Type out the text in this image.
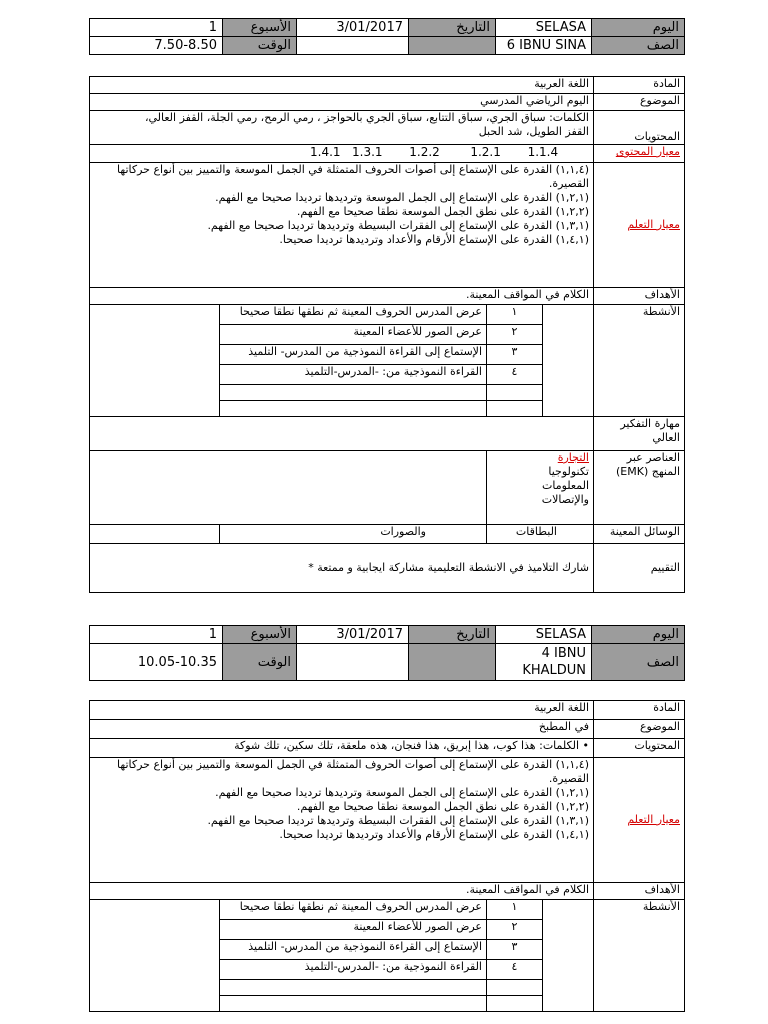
1	الأسبوع	3/01/2017	التاريخ	SELASA	اليوم
7.50-8.50	الوقت			6 IBNU SINA	الصف
اللغة العربية				المادة
اليوم الرياضي المدرسي				الموضوع

الكلمات: سباق الجري، سباق التتابع، سباق الجري بالحواجز ، رمي الرمح، رمي الجلة، القفز العالي،
القفز الطويل، شد الحبل				المحتويات
1.4.1 1.3.1 1.2.2 1.2.1 1.1.4				معيار المحتوى

(١,١,٤) القدرة على الإستماع إلى أصوات الحروف المتمثلة في الجمل الموسعة والتمييز بين أنواع حركاتها القصيرة.
(١,٢,١) القدرة على الإستماع إلى الجمل الموسعة وترديدها ترديدا صحيحا مع الفهم.
(١,٢,٢) القدرة على نطق الجمل الموسعة نطقا صحيحا مع الفهم.
(١,٣,١) القدرة على الإستماع إلى الفقرات البسيطة وترديدها ترديدا صحيحا مع الفهم.
(١,٤,١) القدرة على الإستماع الأرقام والأعداد وترديدها ترديدا صحيحا.				معيار التعلم
الكلام في المواقف المعينة.				الأهداف
	عرض المدرس الحروف المعينة ثم نطقها نطقا صحيحا	١		الأنشطة
	عرض الصور للأعضاء المعينة	٢		
	الإستماع إلى القراءة النموذجية من المدرس- التلميذ	٣		
	القراءة النموذجية من: -المدرس-التلميذ	٤		

				مهارة التفكير العالي

		التجارة
تكنولوجيا المعلومات والإتصالات		العناصر عبر المنهج (EMK)
	والصورات	البطاقات		الوسائل المعينة
شارك التلاميذ في الانشطة التعليمية مشاركة ايجابية و ممتعة *				التقييم
1	الأسبوع	3/01/2017	التاريخ	SELASA	اليوم
10.05-10.35	الوقت			4 IBNU KHALDUN	الصف
اللغة العربية				المادة
في المطبخ				الموضوع
• الكلمات: هذا كوب، هذا إبريق، هذا فنجان، هذه ملعقة، تلك سكين، تلك شوكة				المحتويات

(١,١,٤) القدرة على الإستماع إلى أصوات الحروف المتمثلة في الجمل الموسعة والتمييز بين أنواع حركاتها القصيرة.
(١,٢,١) القدرة على الإستماع إلى الجمل الموسعة وترديدها ترديدا صحيحا مع الفهم.
(١,٢,٢) القدرة على نطق الجمل الموسعة نطقا صحيحا مع الفهم.
(١,٣,١) القدرة على الإستماع إلى الفقرات البسيطة وترديدها ترديدا صحيحا مع الفهم.
(١,٤,١) القدرة على الإستماع الأرقام والأعداد وترديدها ترديدا صحيحا.				معيار التعلم
الكلام في المواقف المعينة.				الأهداف
	عرض المدرس الحروف المعينة ثم نطقها نطقا صحيحا	١		الأنشطة
	عرض الصور للأعضاء المعينة	٢		
	الإستماع إلى القراءة النموذجية من المدرس- التلميذ	٣		
	القراءة النموذجية من: -المدرس-التلميذ	٤		
